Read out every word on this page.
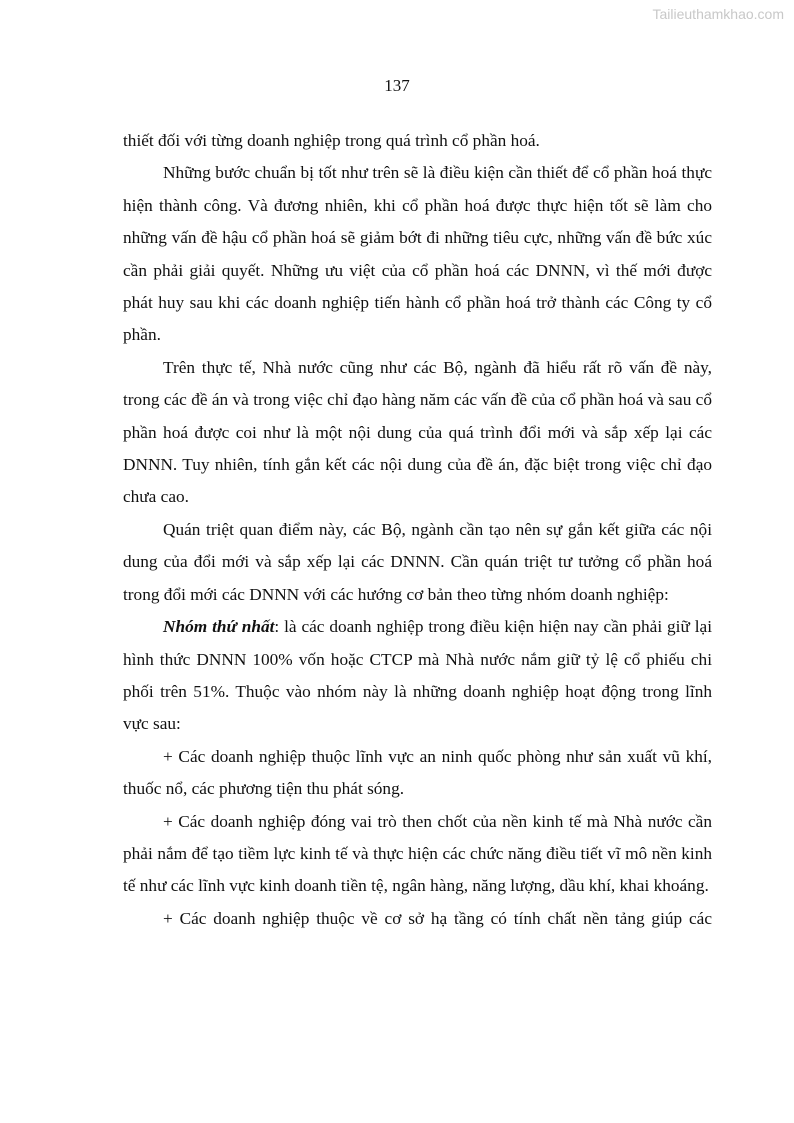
Tailieuthamkhao.com
137

thiết đối với từng doanh nghiệp trong quá trình cổ phần hoá.

Những bước chuẩn bị tốt như trên sẽ là điều kiện cần thiết để cổ phần hoá thực hiện thành công. Và đương nhiên, khi cổ phần hoá được thực hiện tốt sẽ làm cho những vấn đề hậu cổ phần hoá sẽ giảm bớt đi những tiêu cực, những vấn đề bức xúc cần phải giải quyết. Những ưu việt của cổ phần hoá các DNNN, vì thế mới được phát huy sau khi các doanh nghiệp tiến hành cổ phần hoá trở thành các Công ty cổ phần.

Trên thực tế, Nhà nước cũng như các Bộ, ngành đã hiểu rất rõ vấn đề này, trong các đề án và trong việc chỉ đạo hàng năm các vấn đề của cổ phần hoá và sau cổ phần hoá được coi như là một nội dung của quá trình đổi mới và sắp xếp lại các DNNN. Tuy nhiên, tính gắn kết các nội dung của đề án, đặc biệt trong việc chỉ đạo chưa cao.

Quán triệt quan điểm này, các Bộ, ngành cần tạo nên sự gắn kết giữa các nội dung của đổi mới và sắp xếp lại các DNNN. Cần quán triệt tư tưởng cổ phần hoá trong đổi mới các DNNN với các hướng cơ bản theo từng nhóm doanh nghiệp:

Nhóm thứ nhất: là các doanh nghiệp trong điều kiện hiện nay cần phải giữ lại hình thức DNNN 100% vốn hoặc CTCP mà Nhà nước nắm giữ tỷ lệ cổ phiếu chi phối trên 51%. Thuộc vào nhóm này là những doanh nghiệp hoạt động trong lĩnh vực sau:

+ Các doanh nghiệp thuộc lĩnh vực an ninh quốc phòng như sản xuất vũ khí, thuốc nổ, các phương tiện thu phát sóng.

+ Các doanh nghiệp đóng vai trò then chốt của nền kinh tế mà Nhà nước cần phải nắm để tạo tiềm lực kinh tế và thực hiện các chức năng điều tiết vĩ mô nền kinh tế như các lĩnh vực kinh doanh tiền tệ, ngân hàng, năng lượng, dầu khí, khai khoáng.

+ Các doanh nghiệp thuộc về cơ sở hạ tầng có tính chất nền tảng giúp các
